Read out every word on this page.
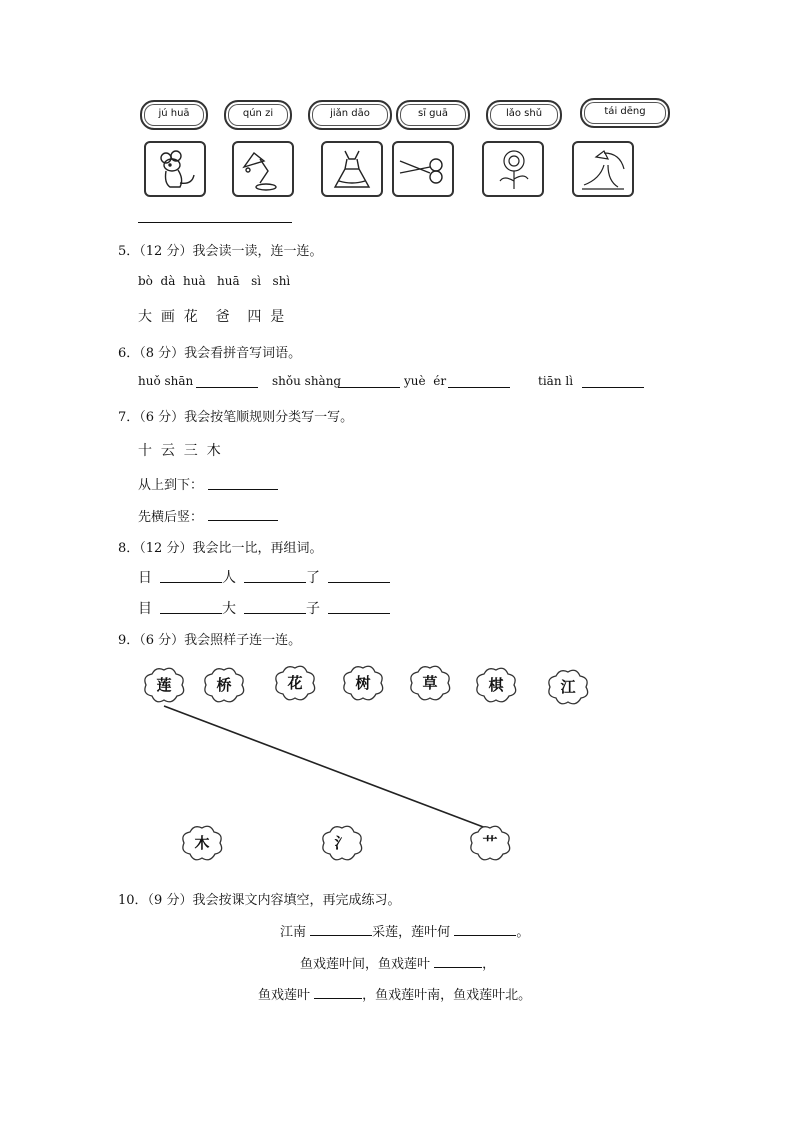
jú huā	qún zi	jiǎn dāo	sī guā	lǎo shǔ	tái dēng
5．（12 分）我会读一读，连一连。
bò  dà  huà   huā   sì   shì
大  画  花    爸    四  是
6．（8 分）我会看拼音写词语。
huǒ shān	shǒu shàng	yuè  ér	tiān lì
7．（6 分）我会按笔顺规则分类写一写。
十  云  三  木
从上到下：
先横后竖：
8．（12 分）我会比一比，再组词。
日	人	了
目	大	子
9．（6 分）我会照样子连一连。
莲	桥	花	树	草	棋	江
木	氵	艹
10．（9 分）我会按课文内容填空，再完成练习。
江南	采莲，莲叶何	。
鱼戏莲叶间，鱼戏莲叶	，
鱼戏莲叶	，鱼戏莲叶南，鱼戏莲叶北。
